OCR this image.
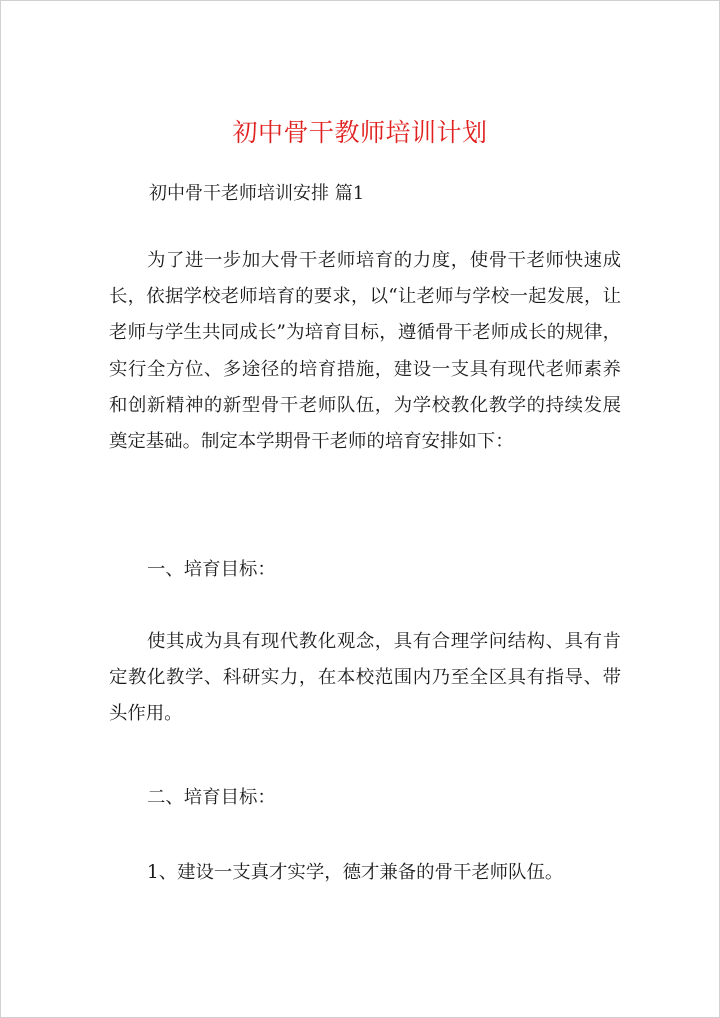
初中骨干教师培训计划
初中骨干老师培训安排 篇1

为了进一步加大骨干老师培育的力度，使骨干老师快速成长，依据学校老师培育的要求，以“让老师与学校一起发展，让老师与学生共同成长”为培育目标，遵循骨干老师成长的规律，实行全方位、多途径的培育措施，建设一支具有现代老师素养和创新精神的新型骨干老师队伍，为学校教化教学的持续发展奠定基础。制定本学期骨干老师的培育安排如下：

一、培育目标：

使其成为具有现代教化观念，具有合理学问结构、具有肯定教化教学、科研实力，在本校范围内乃至全区具有指导、带头作用。

二、培育目标：
1、建设一支真才实学，德才兼备的骨干老师队伍。
